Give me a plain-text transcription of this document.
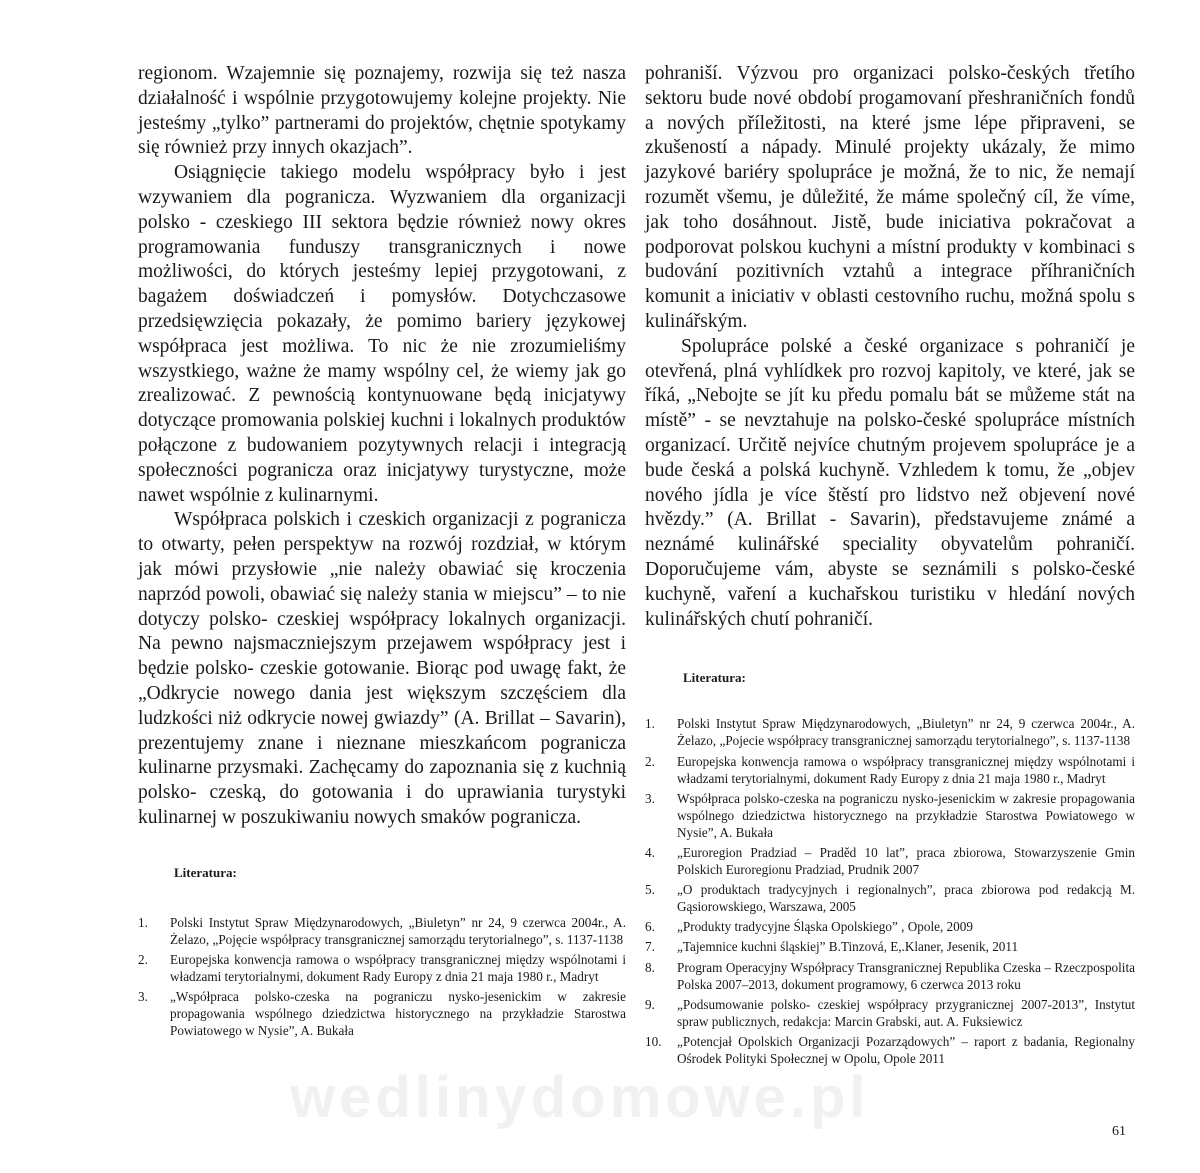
wedlinydomowe.pl

regionom. Wzajemnie się poznajemy, rozwija się też nasza działalność i wspólnie przygotowujemy kolejne projekty. Nie jesteśmy „tylko” partnerami do projektów, chętnie spotykamy się również przy innych okazjach”.

Osiągnięcie takiego modelu współpracy było i jest wzywaniem dla pogranicza. Wyzwaniem dla organizacji polsko - czeskiego III sektora będzie również nowy okres programowania funduszy transgranicznych i nowe możliwości, do których jesteśmy lepiej przygotowani, z bagażem doświadczeń i pomysłów. Dotychczasowe przedsięwzięcia pokazały, że pomimo bariery językowej współpraca jest możliwa. To nic że nie zrozumieliśmy wszystkiego, ważne że mamy wspólny cel, że wiemy jak go zrealizować. Z pewnością kontynuowane będą inicjatywy dotyczące promowania polskiej kuchni i lokalnych produktów połączone z budowaniem pozytywnych relacji i integracją społeczności pogranicza oraz inicjatywy turystyczne, może nawet wspólnie z kulinarnymi.

Współpraca polskich i czeskich organizacji z pogranicza to otwarty, pełen perspektyw na rozwój rozdział, w którym jak mówi przysłowie „nie należy obawiać się kroczenia naprzód powoli, obawiać się należy stania w miejscu” – to nie dotyczy polsko- czeskiej współpracy lokalnych organizacji. Na pewno najsmaczniejszym przejawem współpracy jest i będzie polsko- czeskie gotowanie. Biorąc pod uwagę fakt, że „Odkrycie nowego dania jest większym szczęściem dla ludzkości niż odkrycie nowej gwiazdy” (A. Brillat – Savarin), prezentujemy znane i nieznane mieszkańcom pogranicza kulinarne przysmaki. Zachęcamy do zapoznania się z kuchnią polsko- czeską, do gotowania i do uprawiania turystyki kulinarnej w poszukiwaniu nowych smaków pogranicza.

Literatura:

1.	Polski Instytut Spraw Międzynarodowych, „Biuletyn” nr 24, 9 czerwca 2004r., A. Żelazo, „Pojęcie współpracy transgranicznej samorządu terytorialnego”, s. 1137-1138
2.	Europejska konwencja ramowa o współpracy transgranicznej między wspólnotami i władzami terytorialnymi, dokument Rady Europy z dnia 21 maja 1980 r., Madryt
3.	„Współpraca polsko-czeska na pograniczu nysko-jesenickim w zakresie propagowania wspólnego dziedzictwa historycznego na przykładzie Starostwa Powiatowego w Nysie”, A. Bukała

pohraniší. Výzvou pro organizaci polsko-českých třetího sektoru bude nové období progamovaní přeshraničních fondů a nových příležitosti, na které jsme lépe připraveni, se zkušeností a nápady. Minulé projekty ukázaly, že mimo jazykové bariéry spolupráce je možná, že to nic, že nemají rozumět všemu, je důležité, že máme společný cíl, že víme, jak toho dosáhnout. Jistě, bude iniciativa pokračovat a podporovat polskou kuchyni a místní produkty v kombinaci s budování pozitivních vztahů a integrace příhraničních komunit a iniciativ v oblasti cestovního ruchu, možná spolu s kulinářským.

Spolupráce polské a české organizace s pohraničí je otevřená, plná vyhlídkek pro rozvoj kapitoly, ve které, jak se říká, „Nebojte se jít ku předu pomalu bát se můžeme stát na místě” - se nevztahuje na polsko-české spolupráce místních organizací. Určitě nejvíce chutným projevem spolupráce je a bude česká a polská kuchyně. Vzhledem k tomu, že „objev nového jídla je více štěstí pro lidstvo než objevení nové hvězdy.” (A. Brillat - Savarin), představujeme známé a neznámé kulinářské speciality obyvatelům pohraničí. Doporučujeme vám, abyste se seznámili s polsko-české kuchyně, vaření a kuchařskou turistiku v hledání nových kulinářských chutí pohraničí.

Literatura:

1.	Polski Instytut Spraw Międzynarodowych, „Biuletyn” nr 24, 9 czerwca 2004r., A. Żelazo, „Pojecie współpracy transgranicznej samorządu terytorialnego”, s. 1137-1138
2.	Europejska konwencja ramowa o współpracy transgranicznej między wspólnotami i władzami terytorialnymi, dokument Rady Europy z dnia 21 maja 1980 r., Madryt
3.	Współpraca polsko-czeska na pograniczu nysko-jesenickim w zakresie propagowania wspólnego dziedzictwa historycznego na przykładzie Starostwa Powiatowego w Nysie”, A. Bukała
4.	„Euroregion Pradziad – Praděd 10 lat”, praca zbiorowa, Stowarzyszenie Gmin Polskich Euroregionu Pradziad, Prudnik 2007
5.	„O produktach tradycyjnych i regionalnych”, praca zbiorowa pod redakcją M. Gąsiorowskiego, Warszawa, 2005
6.	„Produkty tradycyjne Śląska Opolskiego” , Opole, 2009
7.	„Tajemnice kuchni śląskiej” B.Tinzová, E,.Klaner, Jesenik, 2011
8.	Program Operacyjny Współpracy Transgranicznej Republika Czeska – Rzeczpospolita Polska 2007–2013, dokument programowy, 6 czerwca 2013 roku
9.	„Podsumowanie polsko- czeskiej współpracy przygranicznej 2007-2013”, Instytut spraw publicznych, redakcja: Marcin Grabski, aut. A. Fuksiewicz
10.	„Potencjał Opolskich Organizacji Pozarządowych” – raport z badania, Regionalny Ośrodek Polityki Społecznej w Opolu, Opole 2011
61
